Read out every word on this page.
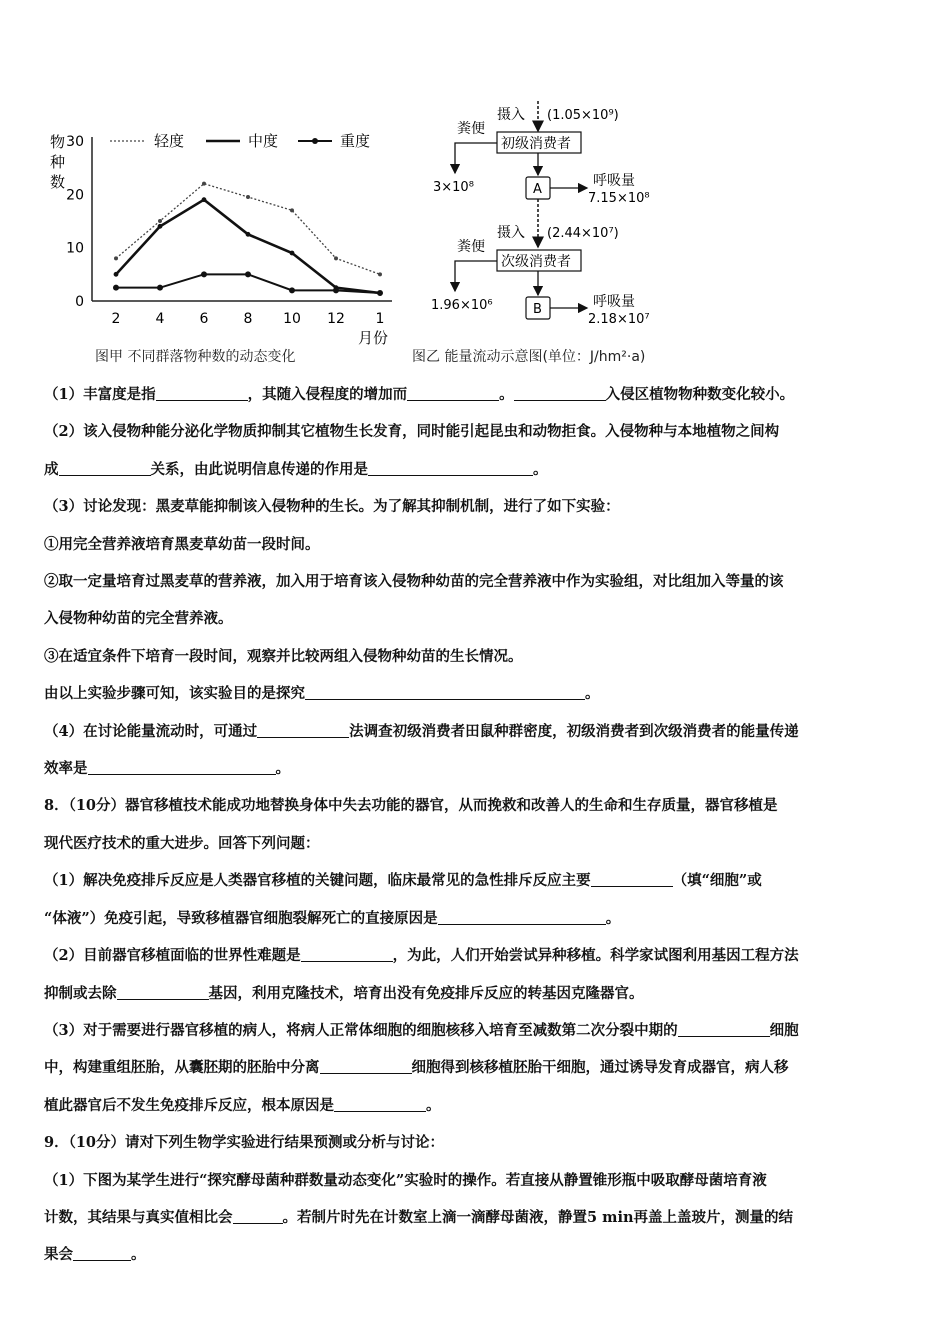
0
10
20
30
2	4	6	8 10 12 1
物
种
数
月份
轻度	中度	重度
图甲 不同群落物种数的动态变化
摄入 (1.05×10⁹)
初级消费者
粪便
3×10⁸	A
呼吸量
7.15×10⁸
摄入 (2.44×10⁷)
次级消费者
粪便
1.96×10⁶	B	呼吸量
2.18×10⁷
图乙 能量流动示意图(单位：J/hm²·a)
（1）丰富度是指	，其随入侵程度的增加而	。	入侵区植物物种数变化较小。
（2）该入侵物种能分泌化学物质抑制其它植物生长发育，同时能引起昆虫和动物拒食。入侵物种与本地植物之间构
成	关系，由此说明信息传递的作用是	。
（3）讨论发现：黑麦草能抑制该入侵物种的生长。为了解其抑制机制，进行了如下实验：
①用完全营养液培育黑麦草幼苗一段时间。
②取一定量培育过黑麦草的营养液，加入用于培育该入侵物种幼苗的完全营养液中作为实验组，对比组加入等量的该
入侵物种幼苗的完全营养液。
③在适宜条件下培育一段时间，观察并比较两组入侵物种幼苗的生长情况。
由以上实验步骤可知，该实验目的是探究	。
（4）在讨论能量流动时，可通过	法调查初级消费者田鼠种群密度，初级消费者到次级消费者的能量传递
效率是	。
8．（10分）器官移植技术能成功地替换身体中失去功能的器官，从而挽救和改善人的生命和生存质量，器官移植是
现代医疗技术的重大进步。回答下列问题：
（1）解决免疫排斥反应是人类器官移植的关键问题，临床最常见的急性排斥反应主要	（填“细胞”或
“体液”）免疫引起，导致移植器官细胞裂解死亡的直接原因是	。
（2）目前器官移植面临的世界性难题是	，为此，人们开始尝试异种移植。科学家试图利用基因工程方法
抑制或去除	基因，利用克隆技术，培育出没有免疫排斥反应的转基因克隆器官。
（3）对于需要进行器官移植的病人，将病人正常体细胞的细胞核移入培育至减数第二次分裂中期的	细胞
中，构建重组胚胎，从囊胚期的胚胎中分离	细胞得到核移植胚胎干细胞，通过诱导发育成器官，病人移
植此器官后不发生免疫排斥反应，根本原因是	。
9．（10分）请对下列生物学实验进行结果预测或分析与讨论：
（1）下图为某学生进行“探究酵母菌种群数量动态变化”实验时的操作。若直接从静置锥形瓶中吸取酵母菌培育液
计数，其结果与真实值相比会	。若制片时先在计数室上滴一滴酵母菌液，静置5 min再盖上盖玻片，测量的结
果会	。
